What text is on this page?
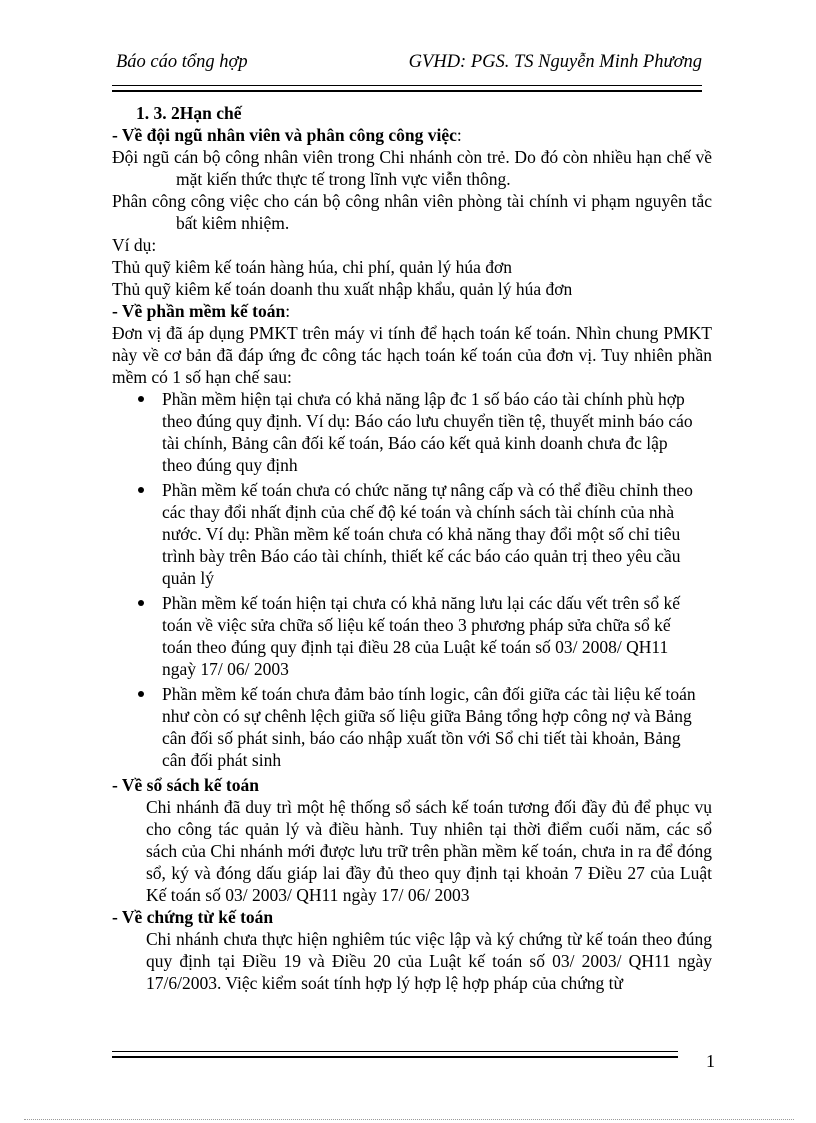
Báo cáo tổng hợp	GVHD: PGS. TS Nguyễn Minh Phương

1. 3. 2Hạn chế

- Về đội ngũ nhân viên và phân công công việc:

Đội ngũ cán bộ công nhân viên trong Chi nhánh còn trẻ. Do đó còn nhiều hạn chế về mặt kiến thức thực tế trong lĩnh vực viễn thông.

Phân công công việc cho cán bộ công nhân viên phòng tài chính vi phạm nguyên tắc bất kiêm nhiệm.

Ví dụ:

Thủ quỹ kiêm kế toán hàng húa, chi phí, quản lý húa đơn

Thủ quỹ kiêm kế toán doanh thu xuất nhập khẩu, quản lý húa đơn

- Về phần mềm kế toán:

Đơn vị đã áp dụng PMKT trên máy vi tính để hạch toán kế toán. Nhìn chung PMKT này về cơ bản đã đáp ứng đc công tác hạch toán kế toán của đơn vị. Tuy nhiên phần mềm có 1 số hạn chế sau:

Phần mềm hiện tại chưa có khả năng lập đc 1 số báo cáo tài chính phù hợp theo đúng quy định. Ví dụ: Báo cáo lưu chuyển tiền tệ, thuyết minh báo cáo tài chính, Bảng cân đối kế toán, Báo cáo kết quả kinh doanh chưa đc lập theo đúng quy định
Phần mềm kế toán chưa có chức năng tự nâng cấp và có thể điều chỉnh theo các thay đổi nhất định của chế độ ké toán và chính sách tài chính của nhà nước. Ví dụ: Phần mềm kế toán chưa có khả năng thay đổi một số chỉ tiêu trình bày trên Báo cáo tài chính, thiết kế các báo cáo quản trị theo yêu cầu quản lý
Phần mềm kế toán hiện tại chưa có khả năng lưu lại các dấu vết trên sổ kế toán về việc sửa chữa số liệu kế toán theo 3 phương pháp sửa chữa sổ kế toán theo đúng quy định tại điều 28 của Luật kế toán số 03/ 2008/ QH11 ngaỳ 17/ 06/ 2003
Phần mềm kế toán chưa đảm bảo tính logic, cân đối giữa các tài liệu kế toán như còn có sự chênh lệch giữa số liệu giữa Bảng tổng hợp công nợ và Bảng cân đối số phát sinh, báo cáo nhập xuất tồn với Sổ chi tiết tài khoản, Bảng cân đối phát sinh

- Về sổ sách kế toán

Chi nhánh đã duy trì một hệ thống sổ sách kế toán tương đối đầy đủ để phục vụ cho công tác quản lý và điều hành. Tuy nhiên tại thời điểm cuối năm, các sổ sách của Chi nhánh mới được lưu trữ trên phần mềm kế toán, chưa in ra để đóng sổ, ký và đóng dấu giáp lai đầy đủ theo quy định tại khoản 7 Điều 27 của Luật Kế toán số 03/ 2003/ QH11 ngày 17/ 06/ 2003

- Về chứng từ kế toán

Chi nhánh chưa thực hiện nghiêm túc việc lập và ký chứng từ kế toán theo đúng quy định tại Điều 19 và Điều 20 của Luật kế toán số 03/ 2003/ QH11 ngày 17/6/2003. Việc kiểm soát tính hợp lý hợp lệ hợp pháp của chứng từ

1
